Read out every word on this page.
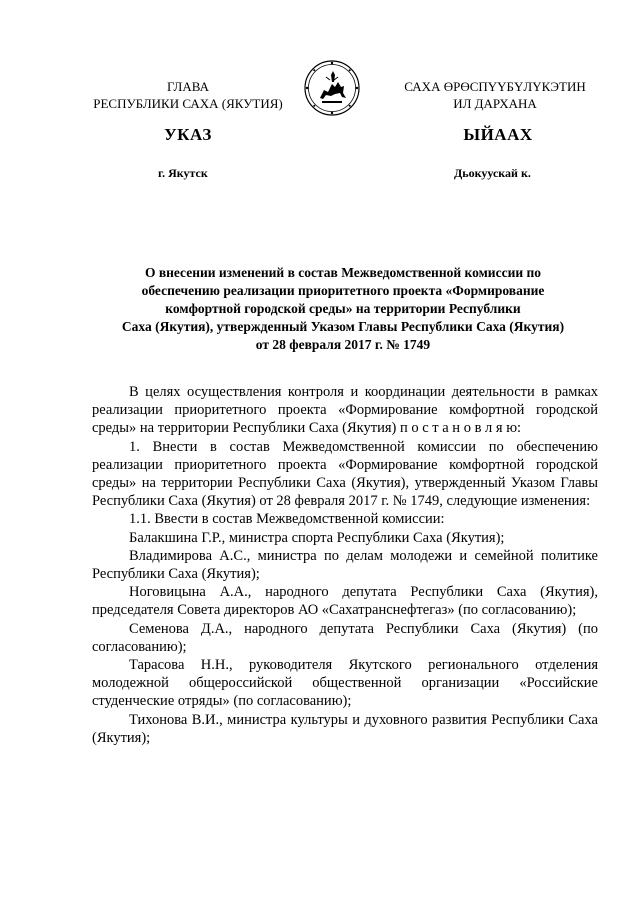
ГЛАВА
РЕСПУБЛИКИ САХА (ЯКУТИЯ)
САХА ӨРӨСПҮҮБҮЛҮКЭТИН
ИЛ ДАРХАНА
УКАЗ	ЫЙААХ
г. Якутск	Дьокуускай к.
О внесении изменений в состав Межведомственной комиссии по
обеспечению реализации приоритетного проекта «Формирование
комфортной городской среды» на территории Республики
Саха (Якутия), утвержденный Указом Главы Республики Саха (Якутия)
от 28 февраля 2017 г. № 1749

В целях осуществления контроля и координации деятельности в рамках реализации приоритетного проекта «Формирование комфортной городской среды» на территории Республики Саха (Якутия) п о с т а н о в л я ю:

1. Внести в состав Межведомственной комиссии по обеспечению реализации приоритетного проекта «Формирование комфортной городской среды» на территории Республики Саха (Якутия), утвержденный Указом Главы Республики Саха (Якутия) от 28 февраля 2017 г. № 1749, следующие изменения:

1.1. Ввести в состав Межведомственной комиссии:

Балакшина Г.Р., министра спорта Республики Саха (Якутия);

Владимирова А.С., министра по делам молодежи и семейной политике Республики Саха (Якутия);

Ноговицына А.А., народного депутата Республики Саха (Якутия), председателя Совета директоров АО «Сахатранснефтегаз» (по согласованию);

Семенова Д.А., народного депутата Республики Саха (Якутия) (по согласованию);

Тарасова Н.Н., руководителя Якутского регионального отделения молодежной общероссийской общественной организации «Российские студенческие отряды» (по согласованию);

Тихонова В.И., министра культуры и духовного развития Республики Саха (Якутия);
